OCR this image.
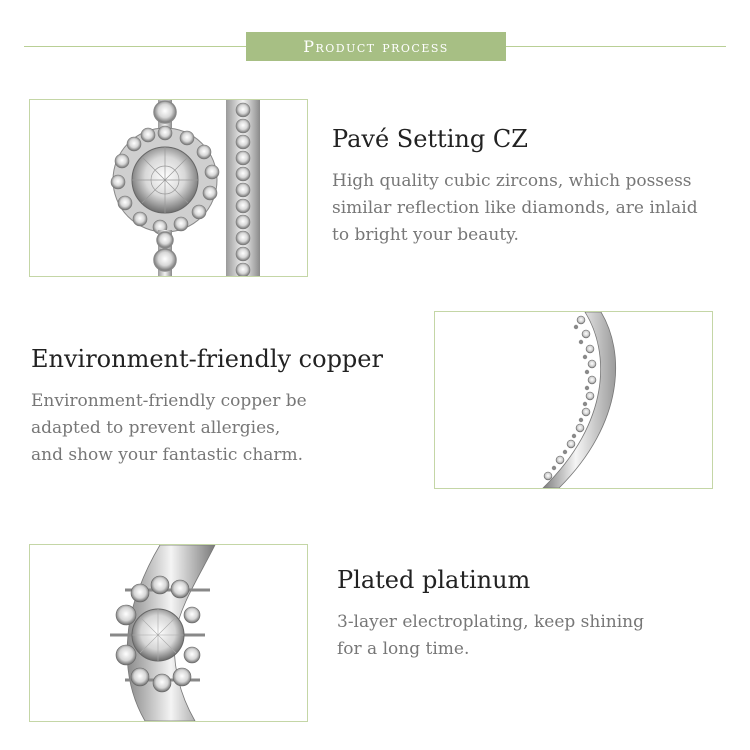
Product process
Pavé Setting CZ
High quality cubic zircons, which possess
similar reflection like diamonds, are inlaid
to bright your beauty.
Environment-friendly copper
Environment-friendly copper be
adapted to prevent allergies,
and show your fantastic charm.
Plated platinum
3-layer electroplating, keep shining
for a long time.
